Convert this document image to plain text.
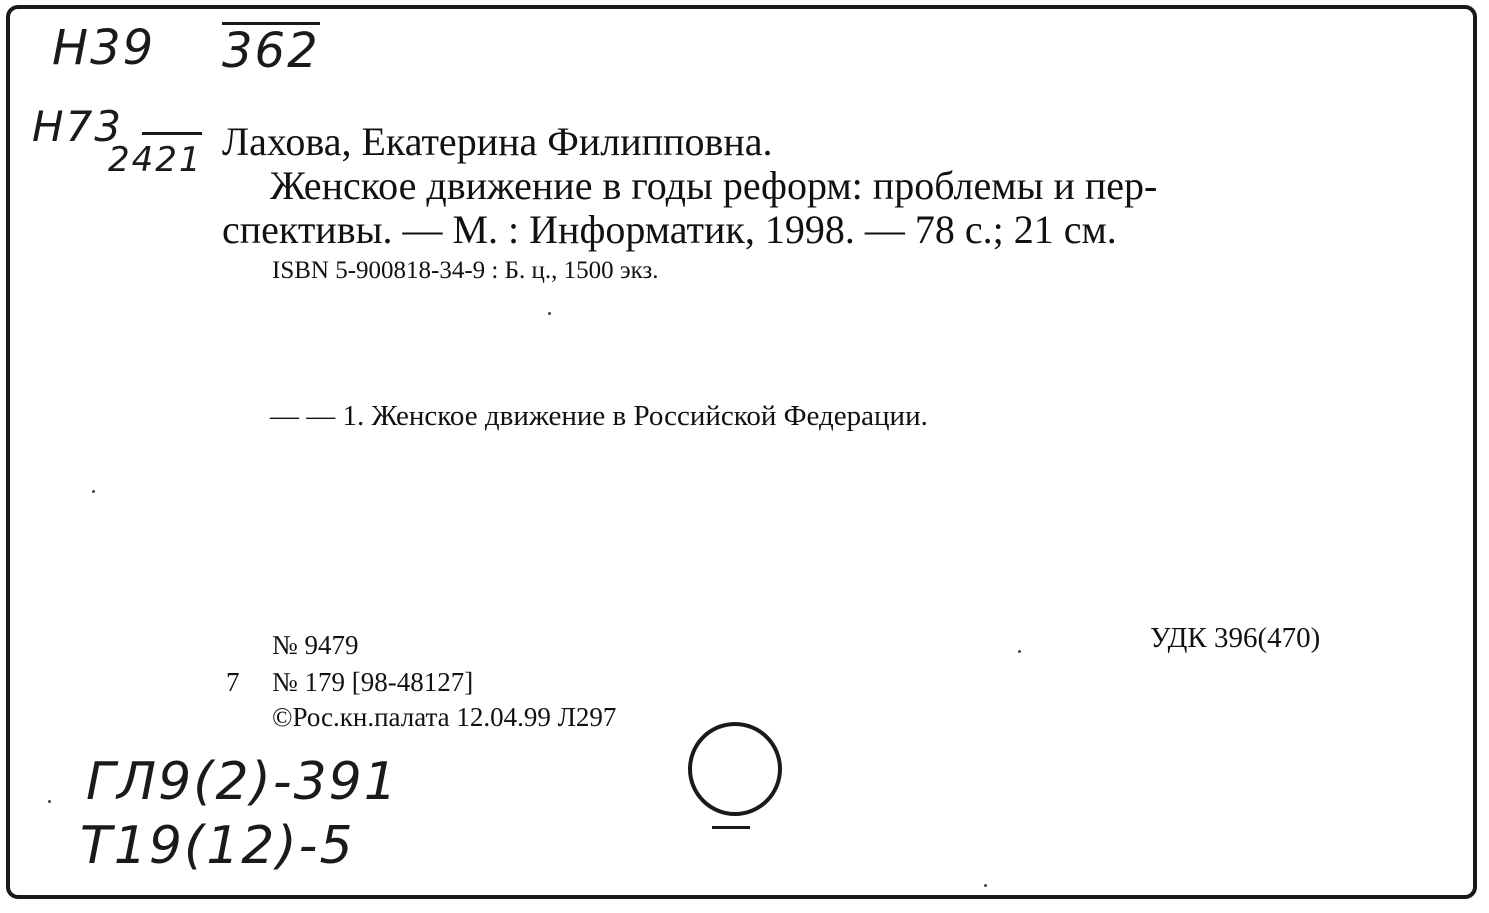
Н39 362
Н73
2421 Лахова, Екатерина Филипповна.
Женское движение в годы реформ: проблемы и пер-
спективы. — М. : Информатик, 1998. — 78 с.; 21 см.
ISBN 5-900818-34-9 : Б. ц., 1500 экз.
— — 1. Женское движение в Российской Федерации.
№ 9479
7 № 179 [98-48127]
©Рос.кн.палата 12.04.99 Л297
УДК 396(470)
ГЛ9(2)-391
Т19(12)-5
